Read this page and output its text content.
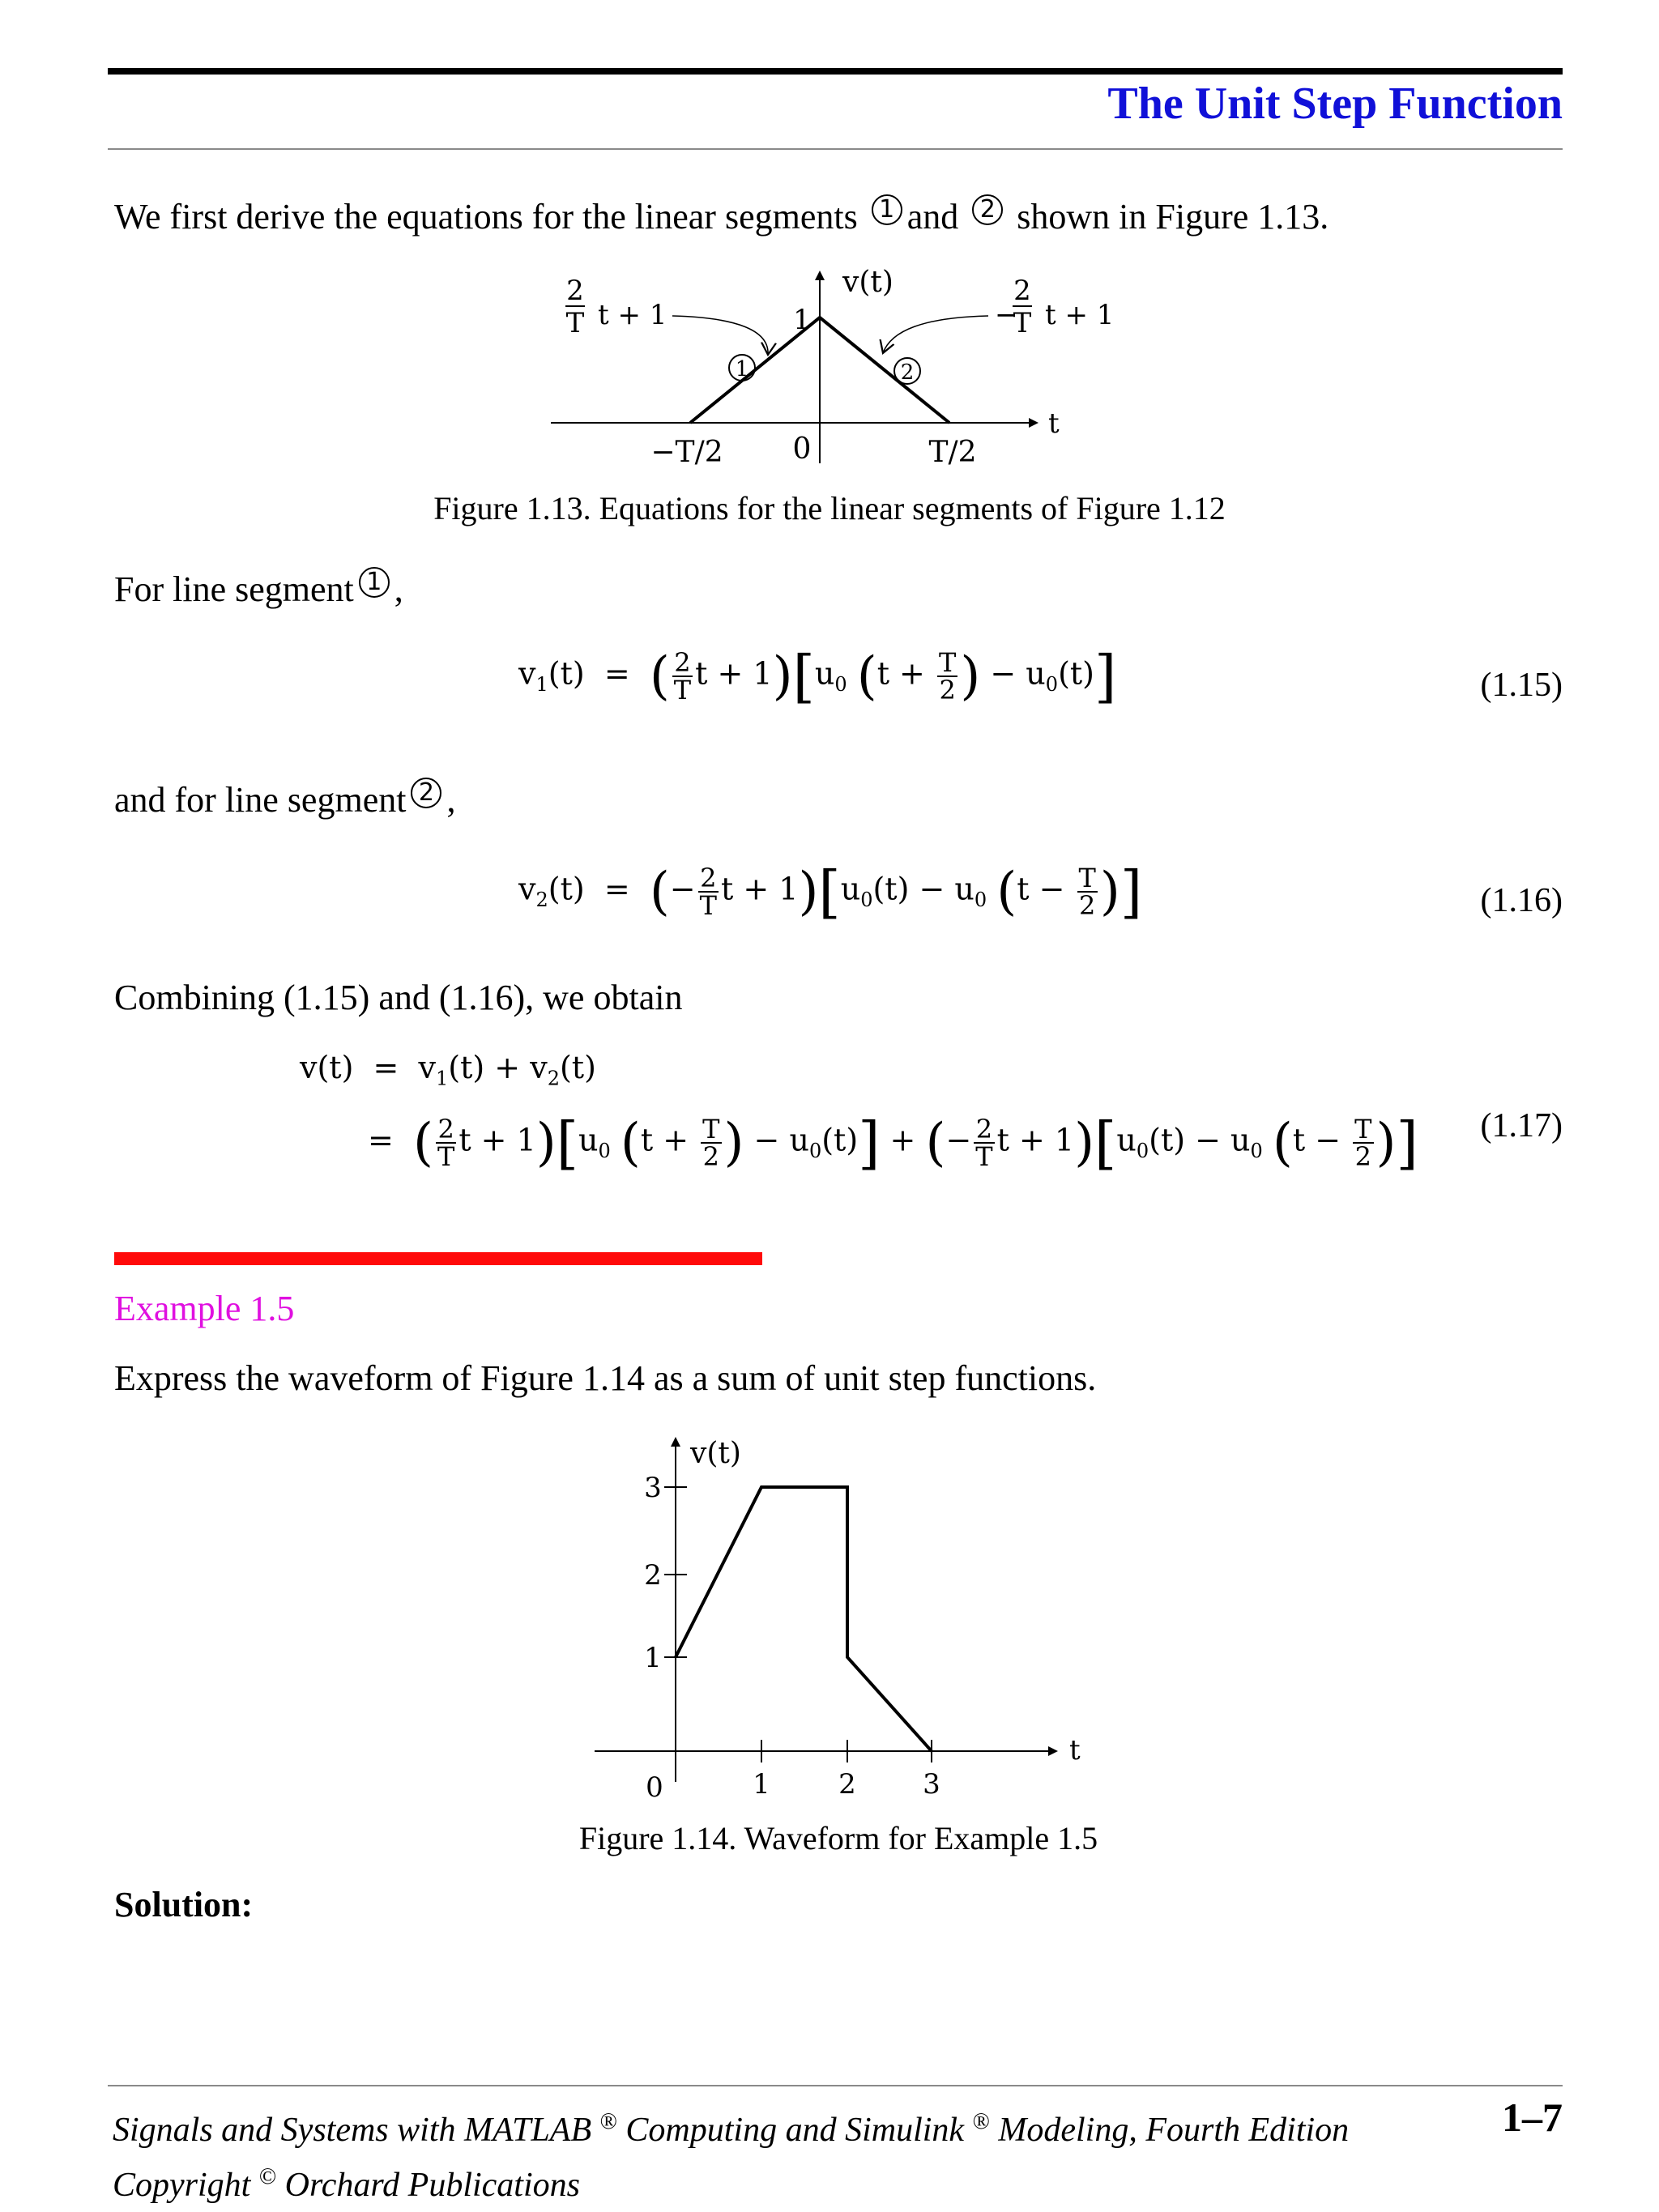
The Unit Step Function
We first derive the equations for the linear segments 1 and 2 shown in Figure 1.13.
2
T t + 1	−
2
T t + 1
v(t)
1
1	2
t
−T/2 0	T/2
Figure 1.13. Equations for the linear segments of Figure 1.12
For line segment 1 ,
$v_1(t)$  =  ( $\frac{2}{T}$ $t + 1)[u_0$ ($t + \frac{T}{2}$ ) − $u_0(t)$]	(1.15)
and for line segment 2 ,
$v_2(t)$  =  (− $\frac{2}{T}$ $t + 1)[u_0(t) - u_0$ ($t - \frac{T}{2}$ )]	(1.16)
Combining (1.15) and (1.16), we obtain
$v(t) = v_1(t) + v_2(t)$
=  ( $\frac{2}{T}$ $t + 1)[u_0$ ($t + \frac{T}{2}$ ) − $u_0(t)$] + (− $\frac{2}{T}$ $t + 1)[u_0(t) - u_0$ ($t - \frac{T}{2}$ )] (1.17)
Example 1.5
Express the waveform of Figure 1.14 as a sum of unit step functions.
v(t)
t
3
2
1
0	1 2 3
Figure 1.14. Waveform for Example 1.5
Solution:
Signals and Systems with MATLAB ® Computing and Simulink ® Modeling, Fourth Edition
Copyright © Orchard Publications
1–7
